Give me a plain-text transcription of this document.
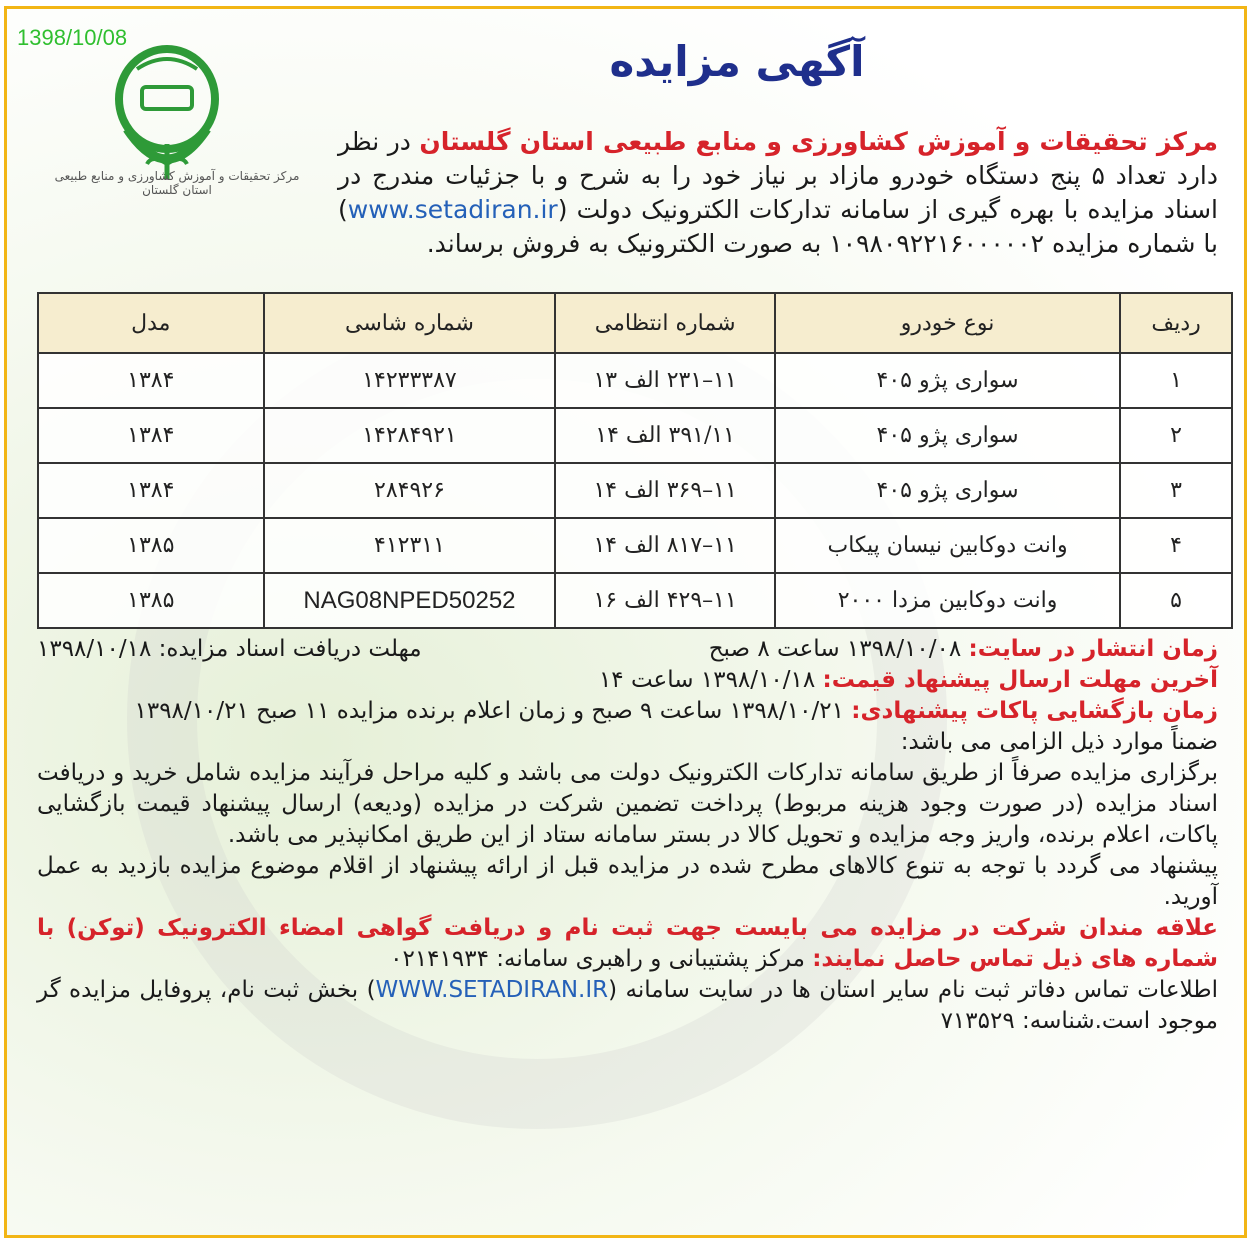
1398/10/08
مرکز تحقیقات و آموزش کشاورزی و منابع طبیعی استان گلستان
آگهی مزایده
مرکز تحقیقات و آموزش کشاورزی و منابع طبیعی استان گلستان در نظر دارد تعداد ۵ پنج دستگاه خودرو مازاد بر نیاز خود را به شرح و با جزئیات مندرج در اسناد مزایده با بهره گیری از سامانه تدارکات الکترونیک دولت (www.setadiran.ir) با شماره مزایده ۱۰۹۸۰۹۲۲۱۶۰۰۰۰۰۲ به صورت الکترونیک به فروش برساند.
ردیف	نوع خودرو	شماره انتظامی	شماره شاسی	مدل
۱	سواری پژو ۴۰۵	۱۱–۲۳۱ الف ۱۳	۱۴۲۳۳۳۸۷	۱۳۸۴
۲	سواری پژو ۴۰۵	۳۹۱/۱۱ الف ۱۴	۱۴۲۸۴۹۲۱	۱۳۸۴
۳	سواری پژو ۴۰۵	۱۱–۳۶۹ الف ۱۴	۲۸۴۹۲۶	۱۳۸۴
۴	وانت دوکابین نیسان پیکاب	۱۱–۸۱۷ الف ۱۴	۴۱۲۳۱۱	۱۳۸۵
۵	وانت دوکابین مزدا ۲۰۰۰	۱۱–۴۲۹ الف ۱۶	NAG08NPED50252	۱۳۸۵

زمان انتشار در سایت: ۱۳۹۸/۱۰/۰۸ ساعت ۸ صبح
مهلت دریافت اسناد مزایده: ۱۳۹۸/۱۰/۱۸

آخرین مهلت ارسال پیشنهاد قیمت: ۱۳۹۸/۱۰/۱۸ ساعت ۱۴

زمان بازگشایی پاکات پیشنهادی: ۱۳۹۸/۱۰/۲۱ ساعت ۹ صبح و زمان اعلام برنده مزایده ۱۱ صبح ۱۳۹۸/۱۰/۲۱

ضمناً موارد ذیل الزامی می باشد:

برگزاری مزایده صرفاً از طریق سامانه تدارکات الکترونیک دولت می باشد و کلیه مراحل فرآیند مزایده شامل خرید و دریافت اسناد مزایده (در صورت وجود هزینه مربوط) پرداخت تضمین شرکت در مزایده (ودیعه) ارسال پیشنهاد قیمت بازگشایی پاکات، اعلام برنده، واریز وجه مزایده و تحویل کالا در بستر سامانه ستاد از این طریق امکانپذیر می باشد.

پیشنهاد می گردد با توجه به تنوع کالاهای مطرح شده در مزایده قبل از ارائه پیشنهاد از اقلام موضوع مزایده بازدید به عمل آورید.

علاقه مندان شرکت در مزایده می بایست جهت ثبت نام و دریافت گواهی امضاء الکترونیک (توکن) با شماره های ذیل تماس حاصل نمایند: مرکز پشتیبانی و راهبری سامانه: ۰۲۱۴۱۹۳۴

اطلاعات تماس دفاتر ثبت نام سایر استان ها در سایت سامانه (WWW.SETADIRAN.IR) بخش ثبت نام، پروفایل مزایده گر موجود است.شناسه: ۷۱۳۵۲۹
